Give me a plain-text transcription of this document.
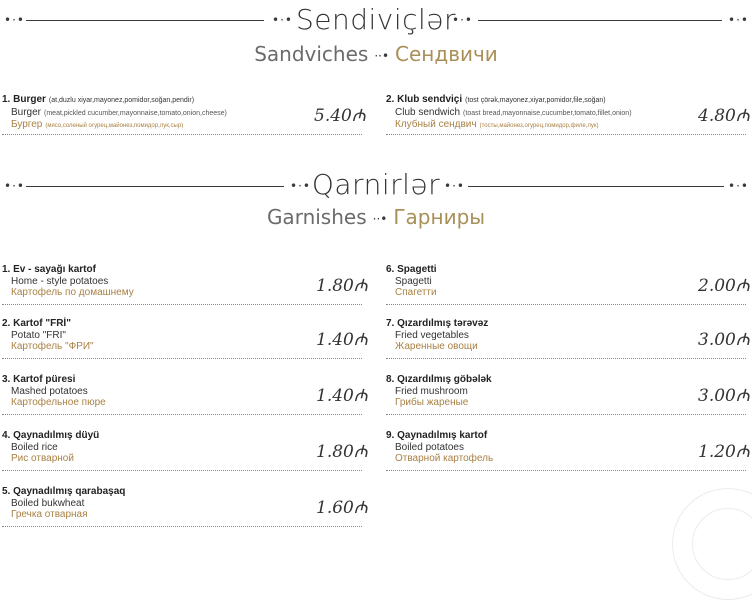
•·•	•·• Sendiviçlər
•·•	•·•
Sandviches ··• Сендвичи
1. Burger (at,duzlu xiyar,mayonez,pomidor,soğan,pendir)
Burger (meat,pickled cucumber,mayonnaise,tomato,onion,cheese)
Бургер (мясо,соленый огурец,майонез,помидор,лук,сыр)	5.40₼
2. Klub sendviçi (tost çörək,mayonez,xiyar,pomidor,file,soğan)
Club sendwich (toast bread,mayonnaise,cucumber,tomato,fillet,onion)
Клубный сендвич (тосты,майонез,огурец,помидор,филе,лук)	4.80₼
•·•	•·• Qarnirlər •·•	•·•
Garnishes ··• Гарниры
1. Ev - sayağı kartof
Home - style potatoes
Картофель по домашнему	1.80₼
2. Kartof "FRİ"
Potato "FRI"
Картофель "ФРИ"	1.40₼
3. Kartof püresi
Mashed potatoes
Картофельное пюре	1.40₼
4. Qaynadılmış düyü
Boiled rice
Рис отварной	1.80₼
5. Qaynadılmış qarabaşaq
Boiled bukwheat
Гречка отварная	1.60₼
6. Spagetti
Spagetti
Спагетти	2.00₼
7. Qızardılmış tərəvəz
Fried vegetables
Жаренные овощи	3.00₼
8. Qızardılmış göbələk
Fried mushroom
Грибы жареные	3.00₼
9. Qaynadılmış kartof
Boiled potatoes
Отварной картофель	1.20₼
